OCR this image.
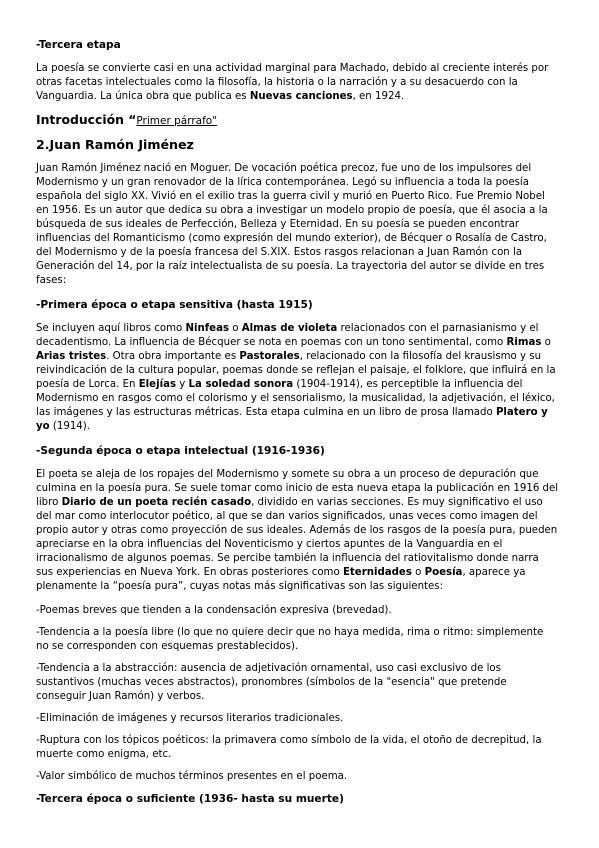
-Tercera etapa

La poesía se convierte casi en una actividad marginal para Machado, debido al creciente interés por otras facetas intelectuales como la filosofía, la historia o la narración y a su desacuerdo con la Vanguardia. La única obra que publica es Nuevas canciones, en 1924.

Introducción “Primer párrafo"

2.Juan Ramón Jiménez

Juan Ramón Jiménez nació en Moguer. De vocación poética precoz, fue uno de los impulsores del Modernismo y un gran renovador de la lírica contemporánea. Legó su influencia a toda la poesía española del siglo XX. Vivió en el exilio tras la guerra civil y murió en Puerto Rico. Fue Premio Nobel en 1956. Es un autor que dedica su obra a investigar un modelo propio de poesía, que él asocia a la búsqueda de sus ideales de Perfección, Belleza y Eternidad. En su poesía se pueden encontrar influencias del Romanticismo (como expresión del mundo exterior), de Bécquer o Rosalía de Castro, del Modernismo y de la poesía francesa del S.XIX. Estos rasgos relacionan a Juan Ramón con la Generación del 14, por la raíz intelectualista de su poesía. La trayectoria del autor se divide en tres fases:

-Primera época o etapa sensitiva (hasta 1915)

Se incluyen aquí libros como Ninfeas o Almas de violeta relacionados con el parnasianismo y el decadentismo. La influencia de Bécquer se nota en poemas con un tono sentimental, como Rimas o Arias tristes. Otra obra importante es Pastorales, relacionado con la filosofía del krausismo y su reivindicación de la cultura popular, poemas donde se reflejan el paisaje, el folklore, que influirá en la poesía de Lorca. En Elejías y La soledad sonora (1904-1914), es perceptible la influencia del Modernismo en rasgos como el colorismo y el sensorialismo, la musicalidad, la adjetivación, el léxico, las imágenes y las estructuras métricas. Esta etapa culmina en un libro de prosa llamado Platero y yo (1914).

-Segunda época o etapa intelectual (1916-1936)

El poeta se aleja de los ropajes del Modernismo y somete su obra a un proceso de depuración que culmina en la poesía pura. Se suele tomar como inicio de esta nueva etapa la publicación en 1916 del libro Diario de un poeta recién casado, dividido en varias secciones. Es muy significativo el uso del mar como interlocutor poético, al que se dan varios significados, unas veces como imagen del propio autor y otras como proyección de sus ideales. Además de los rasgos de la poesía pura, pueden apreciarse en la obra influencias del Noventicismo y ciertos apuntes de la Vanguardia en el irracionalismo de algunos poemas. Se percibe también la influencia del ratiovitalismo donde narra sus experiencias en Nueva York. En obras posteriores como Eternidades o Poesía, aparece ya plenamente la “poesía pura”, cuyas notas más significativas son las siguientes:

-Poemas breves que tienden a la condensación expresiva (brevedad).

-Tendencia a la poesía libre (lo que no quiere decir que no haya medida, rima o ritmo: simplemente no se corresponden con esquemas prestablecidos).

-Tendencia a la abstracción: ausencia de adjetivación ornamental, uso casi exclusivo de los sustantivos (muchas veces abstractos), pronombres (símbolos de la "esencia" que pretende conseguir Juan Ramón) y verbos.

-Eliminación de imágenes y recursos literarios tradicionales.

-Ruptura con los tópicos poéticos: la primavera como símbolo de la vida, el otoño de decrepitud, la muerte como enigma, etc.

-Valor simbólico de muchos términos presentes en el poema.

-Tercera época o suficiente (1936- hasta su muerte)
